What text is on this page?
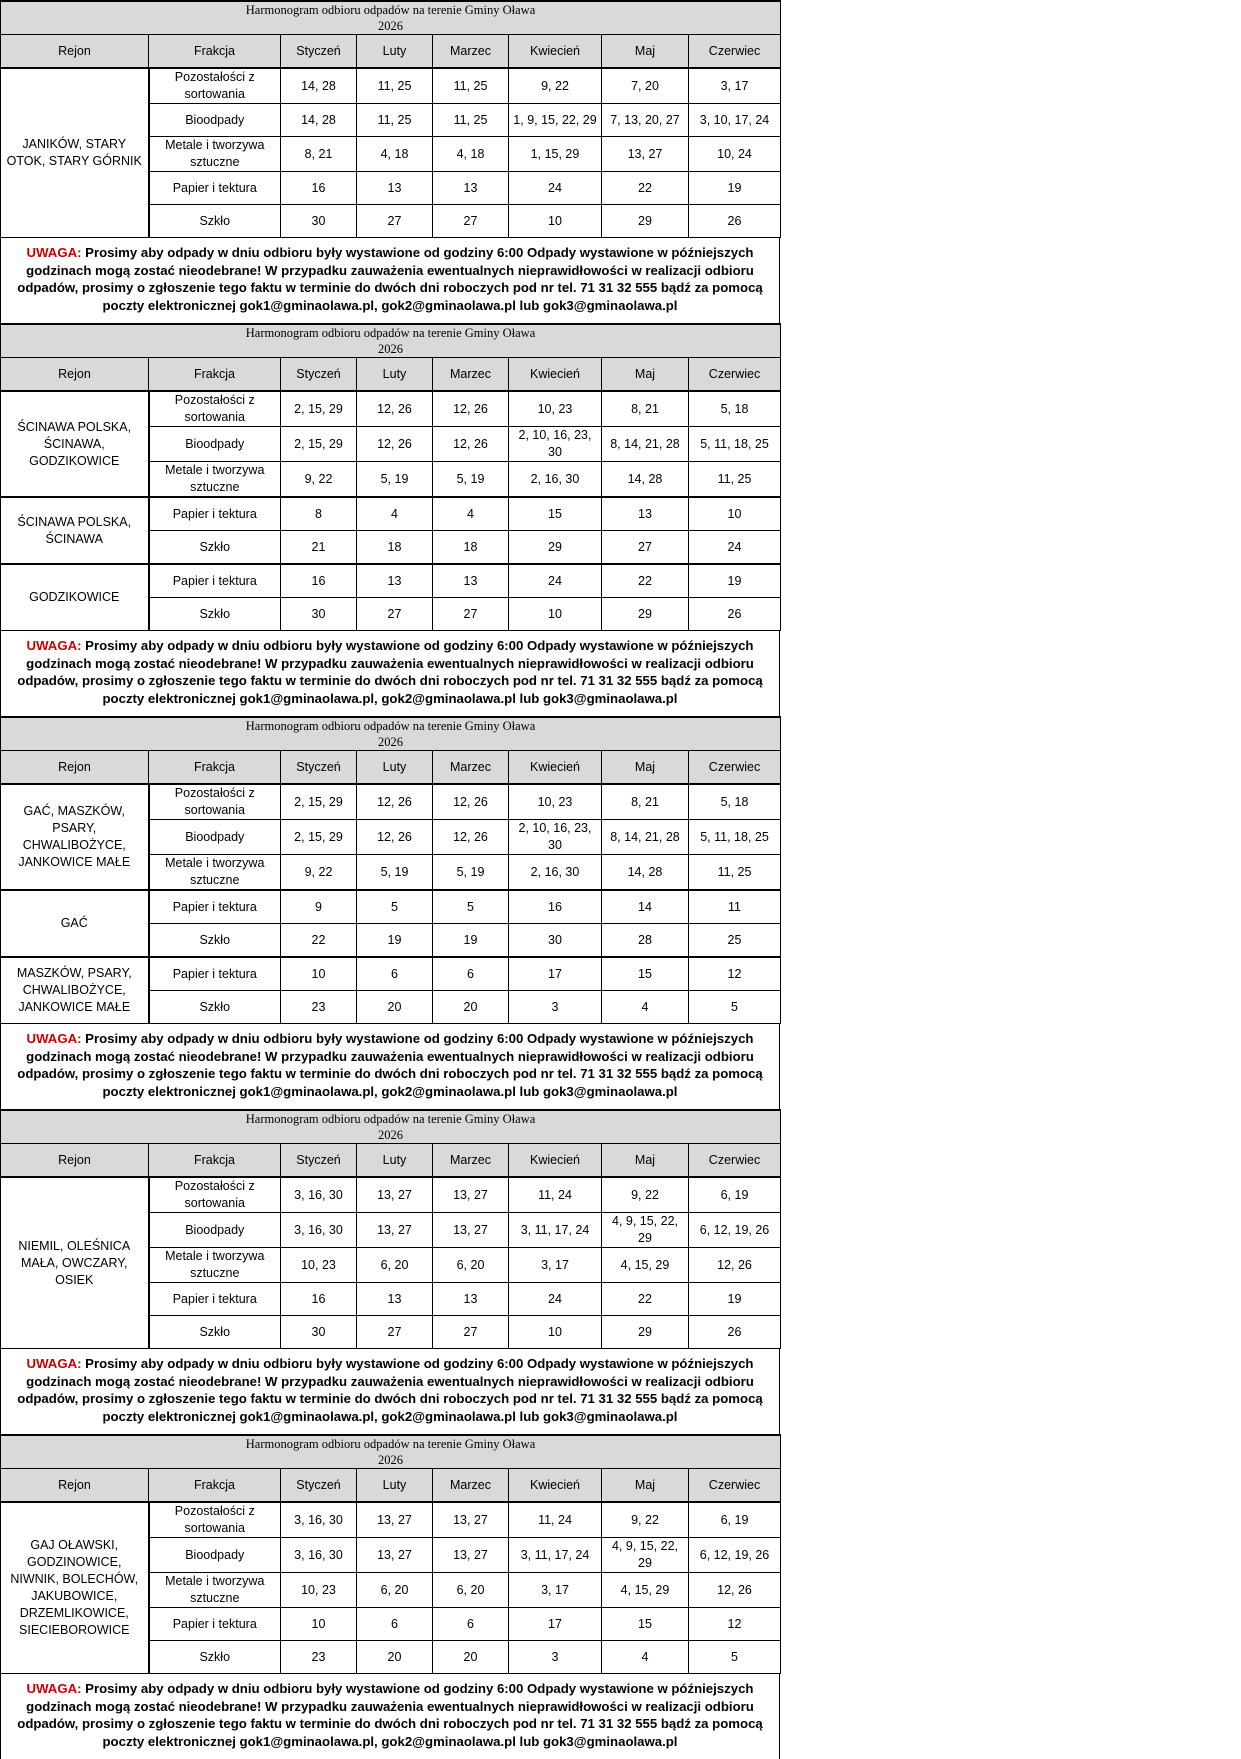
Harmonogram odbioru odpadów na terenie Gminy Oława
2026							

Rejon	Frakcja	Styczeń	Luty	Marzec	Kwiecień	Maj	Czerwiec
JANIKÓW, STARY OTOK, STARY GÓRNIK	Pozostałości z sortowania	14, 28	11, 25	11, 25	9, 22	7, 20	3, 17
	Bioodpady	14, 28	11, 25	11, 25	1, 9, 15, 22, 29	7, 13, 20, 27	3, 10, 17, 24
	Metale i tworzywa sztuczne	8, 21	4, 18	4, 18	1, 15, 29	13, 27	10, 24
	Papier i tektura	16	13	13	24	22	19
	Szkło	30	27	27	10	29	26
UWAGA: Prosimy aby odpady w dniu odbioru były wystawione od godziny 6:00 Odpady wystawione w późniejszych godzinach mogą zostać nieodebrane! W przypadku zauważenia ewentualnych nieprawidłowości w realizacji odbioru odpadów, prosimy o zgłoszenie tego faktu w terminie do dwóch dni roboczych pod nr tel. 71 31 32 555 bądź za pomocą poczty elektronicznej gok1@gminaolawa.pl, gok2@gminaolawa.pl lub gok3@gminaolawa.pl
Harmonogram odbioru odpadów na terenie Gminy Oława
2026							

Rejon	Frakcja	Styczeń	Luty	Marzec	Kwiecień	Maj	Czerwiec
ŚCINAWA POLSKA, ŚCINAWA, GODZIKOWICE	Pozostałości z sortowania	2, 15, 29	12, 26	12, 26	10, 23	8, 21	5, 18
	Bioodpady	2, 15, 29	12, 26	12, 26	2, 10, 16, 23, 30	8, 14, 21, 28	5, 11, 18, 25
	Metale i tworzywa sztuczne	9, 22	5, 19	5, 19	2, 16, 30	14, 28	11, 25
ŚCINAWA POLSKA, ŚCINAWA	Papier i tektura	8	4	4	15	13	10
	Szkło	21	18	18	29	27	24
GODZIKOWICE	Papier i tektura	16	13	13	24	22	19
	Szkło	30	27	27	10	29	26
UWAGA: Prosimy aby odpady w dniu odbioru były wystawione od godziny 6:00 Odpady wystawione w późniejszych godzinach mogą zostać nieodebrane! W przypadku zauważenia ewentualnych nieprawidłowości w realizacji odbioru odpadów, prosimy o zgłoszenie tego faktu w terminie do dwóch dni roboczych pod nr tel. 71 31 32 555 bądź za pomocą poczty elektronicznej gok1@gminaolawa.pl, gok2@gminaolawa.pl lub gok3@gminaolawa.pl
Harmonogram odbioru odpadów na terenie Gminy Oława
2026							

Rejon	Frakcja	Styczeń	Luty	Marzec	Kwiecień	Maj	Czerwiec
GAĆ, MASZKÓW, PSARY, CHWALIBOŻYCE, JANKOWICE MAŁE	Pozostałości z sortowania	2, 15, 29	12, 26	12, 26	10, 23	8, 21	5, 18
	Bioodpady	2, 15, 29	12, 26	12, 26	2, 10, 16, 23, 30	8, 14, 21, 28	5, 11, 18, 25
	Metale i tworzywa sztuczne	9, 22	5, 19	5, 19	2, 16, 30	14, 28	11, 25
GAĆ	Papier i tektura	9	5	5	16	14	11
	Szkło	22	19	19	30	28	25
MASZKÓW, PSARY, CHWALIBOŻYCE, JANKOWICE MAŁE	Papier i tektura	10	6	6	17	15	12
	Szkło	23	20	20	3	4	5
UWAGA: Prosimy aby odpady w dniu odbioru były wystawione od godziny 6:00 Odpady wystawione w późniejszych godzinach mogą zostać nieodebrane! W przypadku zauważenia ewentualnych nieprawidłowości w realizacji odbioru odpadów, prosimy o zgłoszenie tego faktu w terminie do dwóch dni roboczych pod nr tel. 71 31 32 555 bądź za pomocą poczty elektronicznej gok1@gminaolawa.pl, gok2@gminaolawa.pl lub gok3@gminaolawa.pl
Harmonogram odbioru odpadów na terenie Gminy Oława
2026							

Rejon	Frakcja	Styczeń	Luty	Marzec	Kwiecień	Maj	Czerwiec
NIEMIL, OLEŚNICA MAŁA, OWCZARY, OSIEK	Pozostałości z sortowania	3, 16, 30	13, 27	13, 27	11, 24	9, 22	6, 19
	Bioodpady	3, 16, 30	13, 27	13, 27	3, 11, 17, 24	4, 9, 15, 22, 29	6, 12, 19, 26
	Metale i tworzywa sztuczne	10, 23	6, 20	6, 20	3, 17	4, 15, 29	12, 26
	Papier i tektura	16	13	13	24	22	19
	Szkło	30	27	27	10	29	26
UWAGA: Prosimy aby odpady w dniu odbioru były wystawione od godziny 6:00 Odpady wystawione w późniejszych godzinach mogą zostać nieodebrane! W przypadku zauważenia ewentualnych nieprawidłowości w realizacji odbioru odpadów, prosimy o zgłoszenie tego faktu w terminie do dwóch dni roboczych pod nr tel. 71 31 32 555 bądź za pomocą poczty elektronicznej gok1@gminaolawa.pl, gok2@gminaolawa.pl lub gok3@gminaolawa.pl
Harmonogram odbioru odpadów na terenie Gminy Oława
2026							

Rejon	Frakcja	Styczeń	Luty	Marzec	Kwiecień	Maj	Czerwiec
GAJ OŁAWSKI, GODZINOWICE, NIWNIK, BOLECHÓW, JAKUBOWICE, DRZEMLIKOWICE, SIECIEBOROWICE	Pozostałości z sortowania	3, 16, 30	13, 27	13, 27	11, 24	9, 22	6, 19
	Bioodpady	3, 16, 30	13, 27	13, 27	3, 11, 17, 24	4, 9, 15, 22, 29	6, 12, 19, 26
	Metale i tworzywa sztuczne	10, 23	6, 20	6, 20	3, 17	4, 15, 29	12, 26
	Papier i tektura	10	6	6	17	15	12
	Szkło	23	20	20	3	4	5
UWAGA: Prosimy aby odpady w dniu odbioru były wystawione od godziny 6:00 Odpady wystawione w późniejszych godzinach mogą zostać nieodebrane! W przypadku zauważenia ewentualnych nieprawidłowości w realizacji odbioru odpadów, prosimy o zgłoszenie tego faktu w terminie do dwóch dni roboczych pod nr tel. 71 31 32 555 bądź za pomocą poczty elektronicznej gok1@gminaolawa.pl, gok2@gminaolawa.pl lub gok3@gminaolawa.pl
